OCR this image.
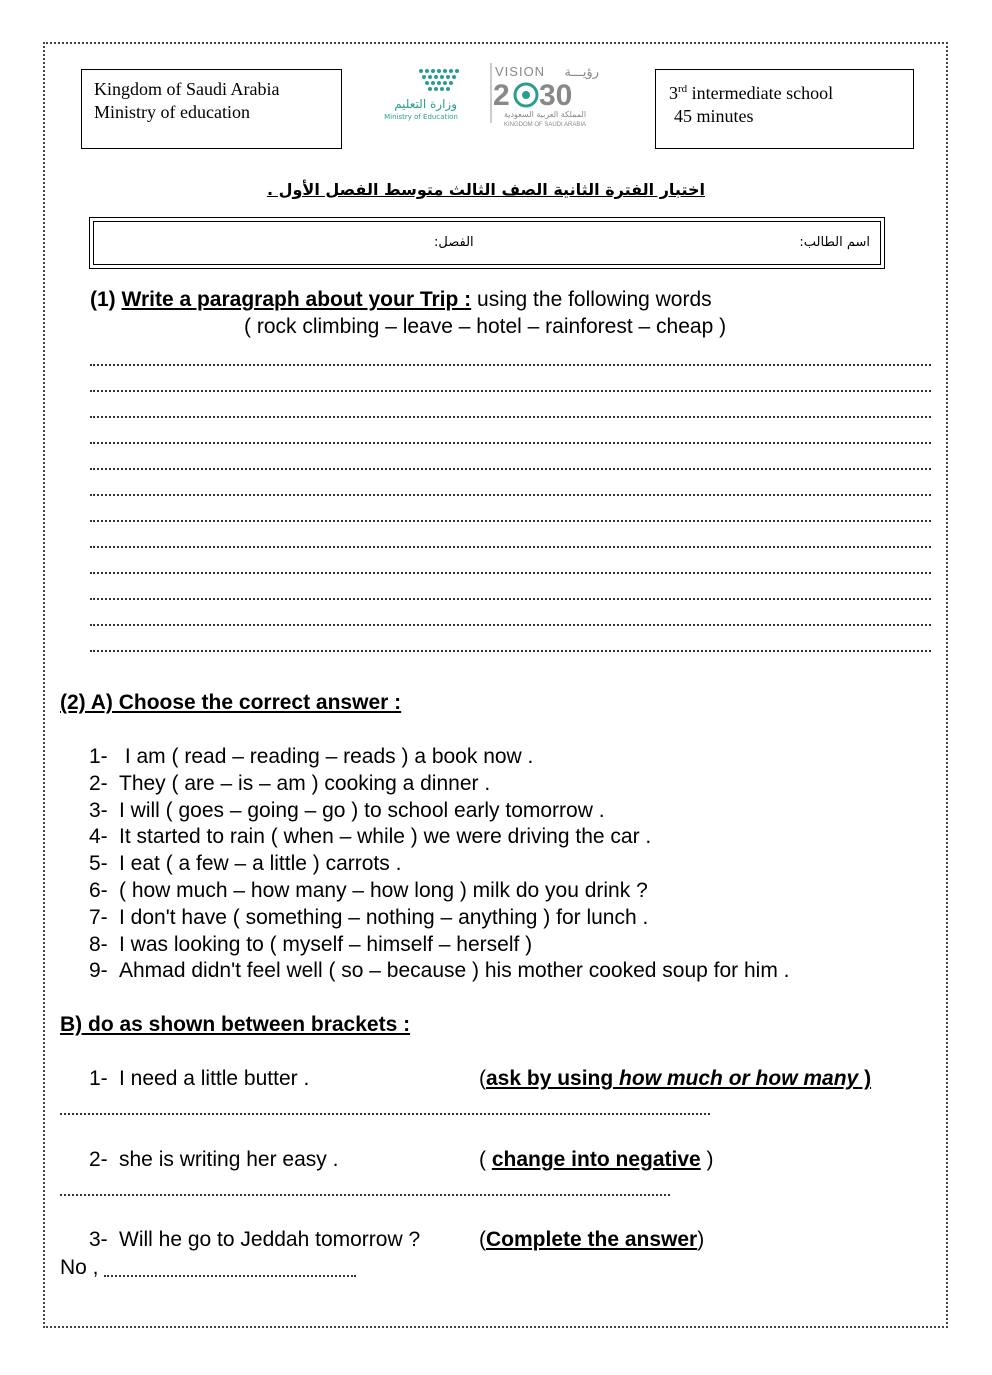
Kingdom of Saudi Arabia
Ministry of education	وزارة التعليم
Ministry of Education
VISION رؤيـــة
2 30
المملكة العربية السعودية
KINGDOM OF SAUDI ARABIA
3rd intermediate school
45 minutes
اختبار الفترة الثانية الصف الثالث متوسط الفصل الأول .
اسم الطالب:
الفصل:
(1) Write a paragraph about your Trip : using the following words
( rock climbing – leave – hotel – rainforest – cheap )
(2) A) Choose the correct answer :
1- I am ( read – reading – reads ) a book now .
2- They ( are – is – am ) cooking a dinner .
3- I will ( goes – going – go ) to school early tomorrow .
4- It started to rain ( when – while ) we were driving the car .
5- I eat ( a few – a little ) carrots .
6- ( how much – how many – how long ) milk do you drink ?
7- I don't have ( something – nothing – anything ) for lunch .
8- I was looking to ( myself – himself – herself )
9- Ahmad didn't feel well ( so – because ) his mother cooked soup for him .
B) do as shown between brackets :
1- I need a little butter .	(ask by using how much or how many )
2- she is writing her easy .	( change into negative )
3- Will he go to Jeddah tomorrow ?	(Complete the answer)
No ,
